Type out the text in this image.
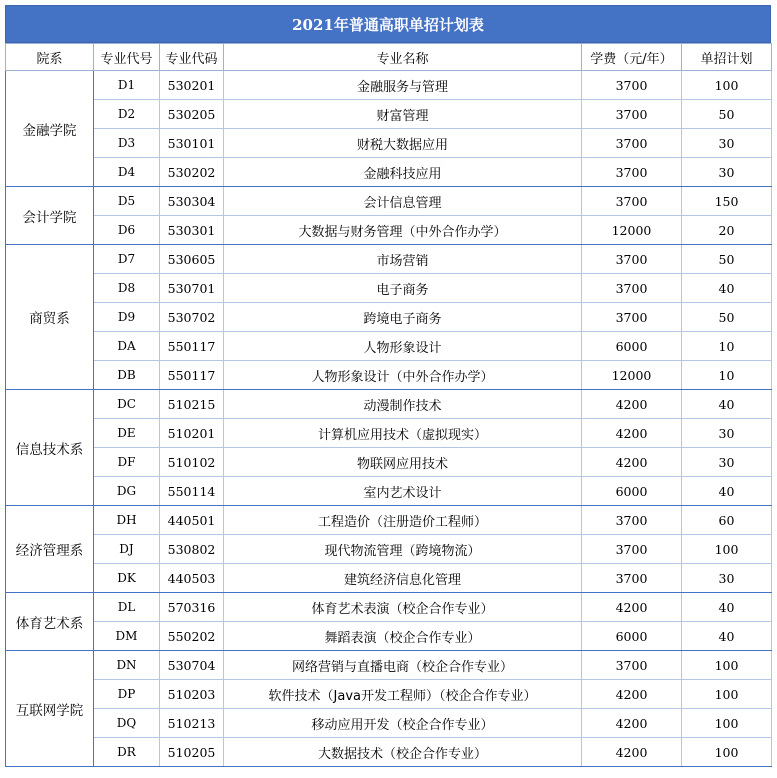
2021年普通高职单招计划表
院系	专业代号	专业代码	专业名称	学费（元/年）	单招计划
金融学院	D1	530201	金融服务与管理	3700	100
	D2	530205	财富管理	3700	50
	D3	530101	财税大数据应用	3700	30
	D4	530202	金融科技应用	3700	30
会计学院	D5	530304	会计信息管理	3700	150
	D6	530301	大数据与财务管理（中外合作办学）	12000	20
商贸系	D7	530605	市场营销	3700	50
	D8	530701	电子商务	3700	40
	D9	530702	跨境电子商务	3700	50
	DA	550117	人物形象设计	6000	10
	DB	550117	人物形象设计（中外合作办学）	12000	10
信息技术系	DC	510215	动漫制作技术	4200	40
	DE	510201	计算机应用技术（虚拟现实）	4200	30
	DF	510102	物联网应用技术	4200	30
	DG	550114	室内艺术设计	6000	40
经济管理系	DH	440501	工程造价（注册造价工程师）	3700	60
	DJ	530802	现代物流管理（跨境物流）	3700	100
	DK	440503	建筑经济信息化管理	3700	30
体育艺术系	DL	570316	体育艺术表演（校企合作专业）	4200	40
	DM	550202	舞蹈表演（校企合作专业）	6000	40
互联网学院	DN	530704	网络营销与直播电商（校企合作专业）	3700	100
	DP	510203	软件技术（Java开发工程师）（校企合作专业）	4200	100
	DQ	510213	移动应用开发（校企合作专业）	4200	100
	DR	510205	大数据技术（校企合作专业）	4200	100
